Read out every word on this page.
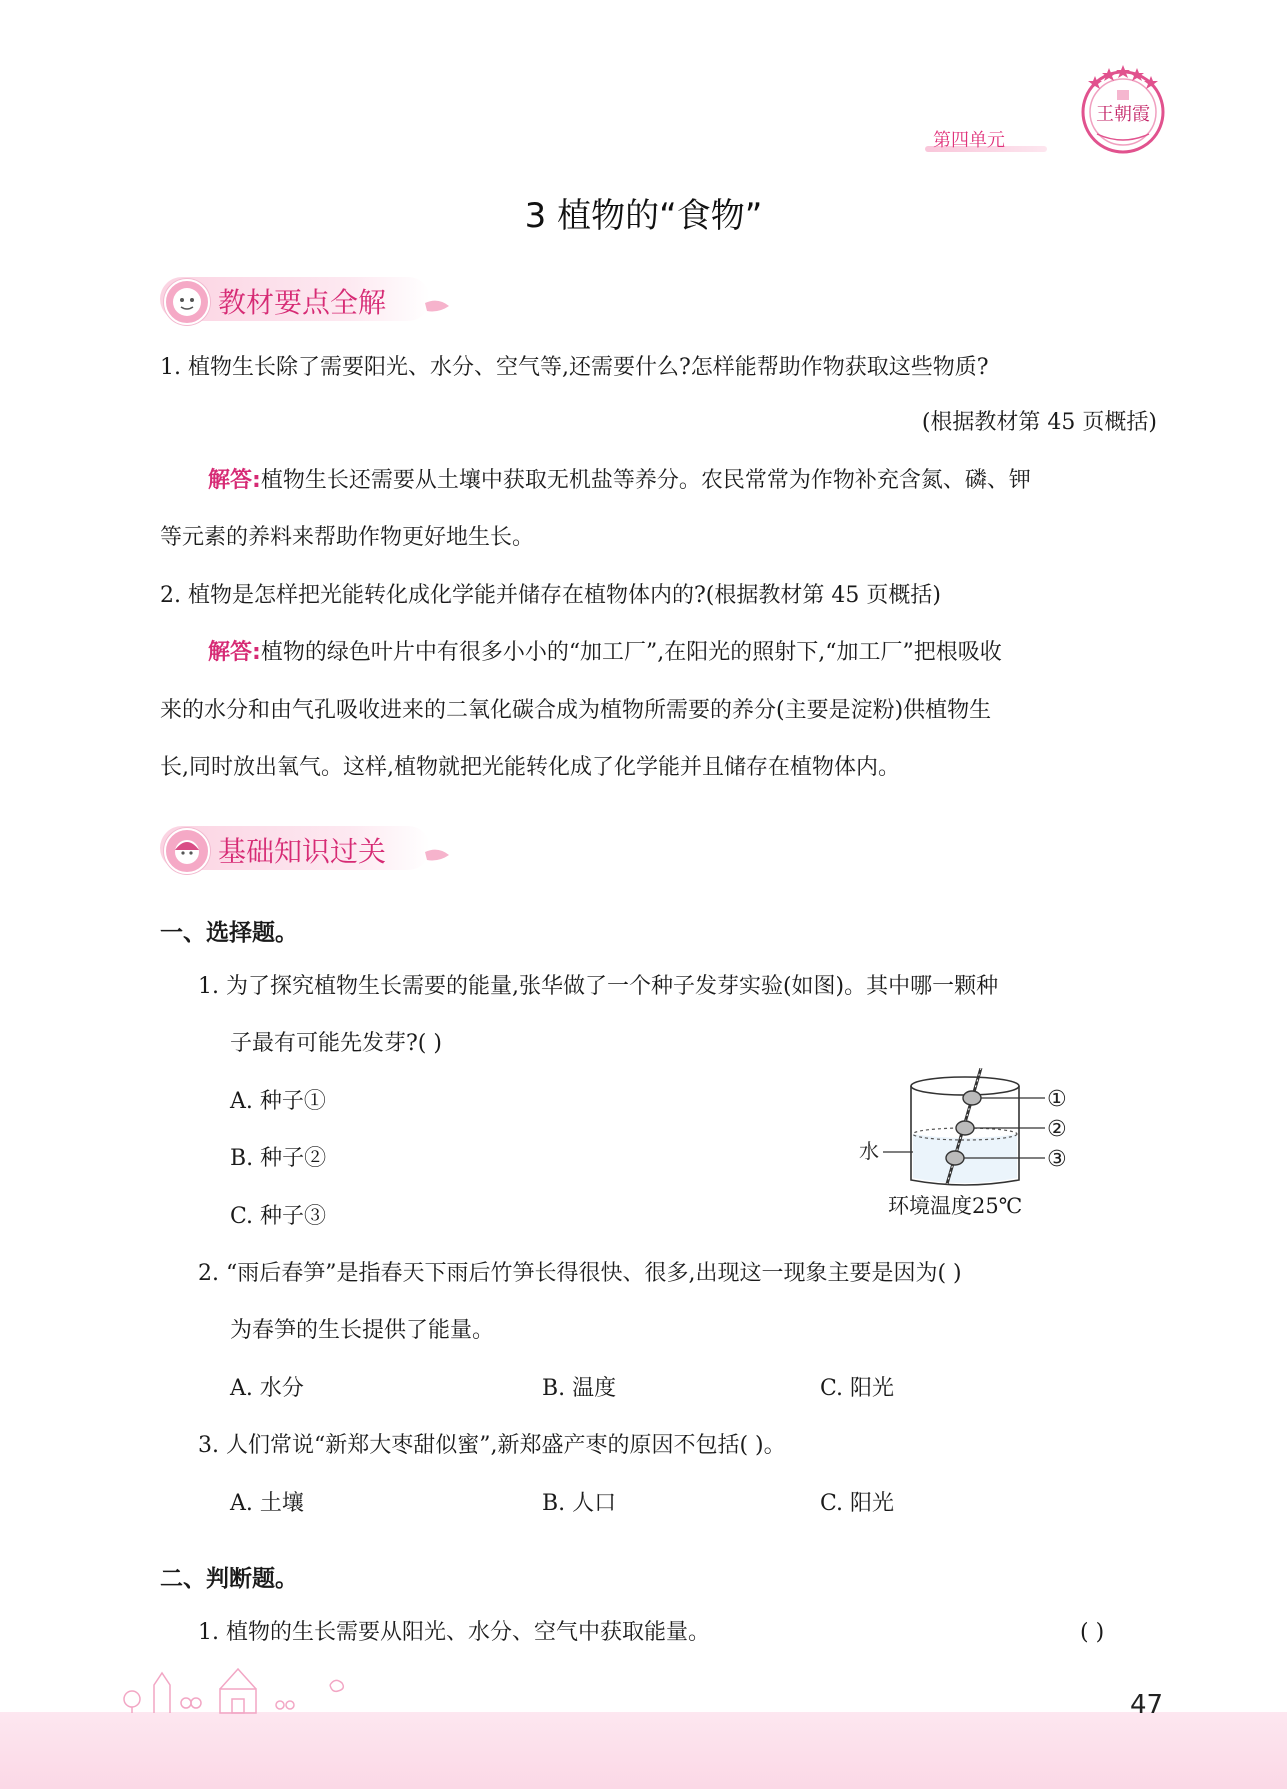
第四单元
王朝霞
3 植物的“食物”
教材要点全解
1. 植物生长除了需要阳光、水分、空气等,还需要什么?怎样能帮助作物获取这些物质?
(根据教材第 45 页概括)
解答:植物生长还需要从土壤中获取无机盐等养分。农民常常为作物补充含氮、磷、钾
等元素的养料来帮助作物更好地生长。
2. 植物是怎样把光能转化成化学能并储存在植物体内的?(根据教材第 45 页概括)
解答:植物的绿色叶片中有很多小小的“加工厂”,在阳光的照射下,“加工厂”把根吸收
来的水分和由气孔吸收进来的二氧化碳合成为植物所需要的养分(主要是淀粉)供植物生
长,同时放出氧气。这样,植物就把光能转化成了化学能并且储存在植物体内。
基础知识过关
一、选择题。
1. 为了探究植物生长需要的能量,张华做了一个种子发芽实验(如图)。其中哪一颗种
子最有可能先发芽?( )
A. 种子①
B. 种子②
C. 种子③
水
①
②
③
环境温度25℃
2. “雨后春笋”是指春天下雨后竹笋长得很快、很多,出现这一现象主要是因为( )
为春笋的生长提供了能量。
A. 水分	B. 温度	C. 阳光
3. 人们常说“新郑大枣甜似蜜”,新郑盛产枣的原因不包括( )。
A. 土壤	B. 人口	C. 阳光
二、判断题。
1. 植物的生长需要从阳光、水分、空气中获取能量。	( )
47
